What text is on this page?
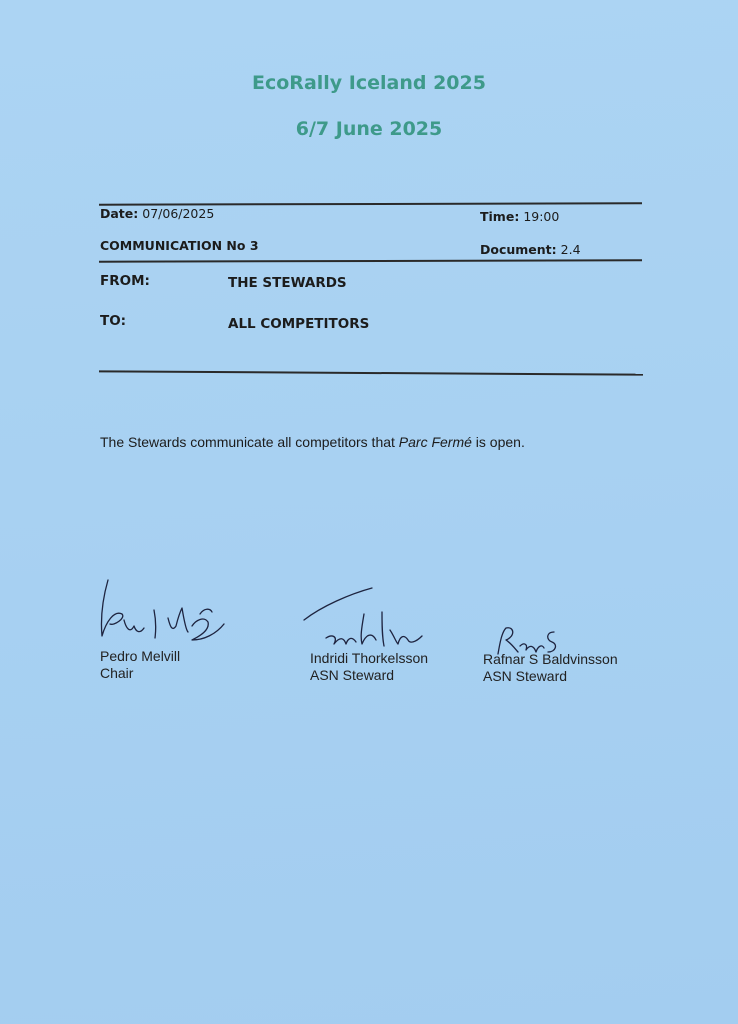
EcoRally Iceland 2025
6/7 June 2025
Date: 07/06/2025	Time: 19:00
COMMUNICATION No 3	Document: 2.4
FROM:	THE STEWARDS
TO:	ALL COMPETITORS
The Stewards communicate all competitors that Parc Fermé is open.
Pedro Melvill
Chair
Indridi Thorkelsson
ASN Steward
Rafnar S Baldvinsson
ASN Steward
